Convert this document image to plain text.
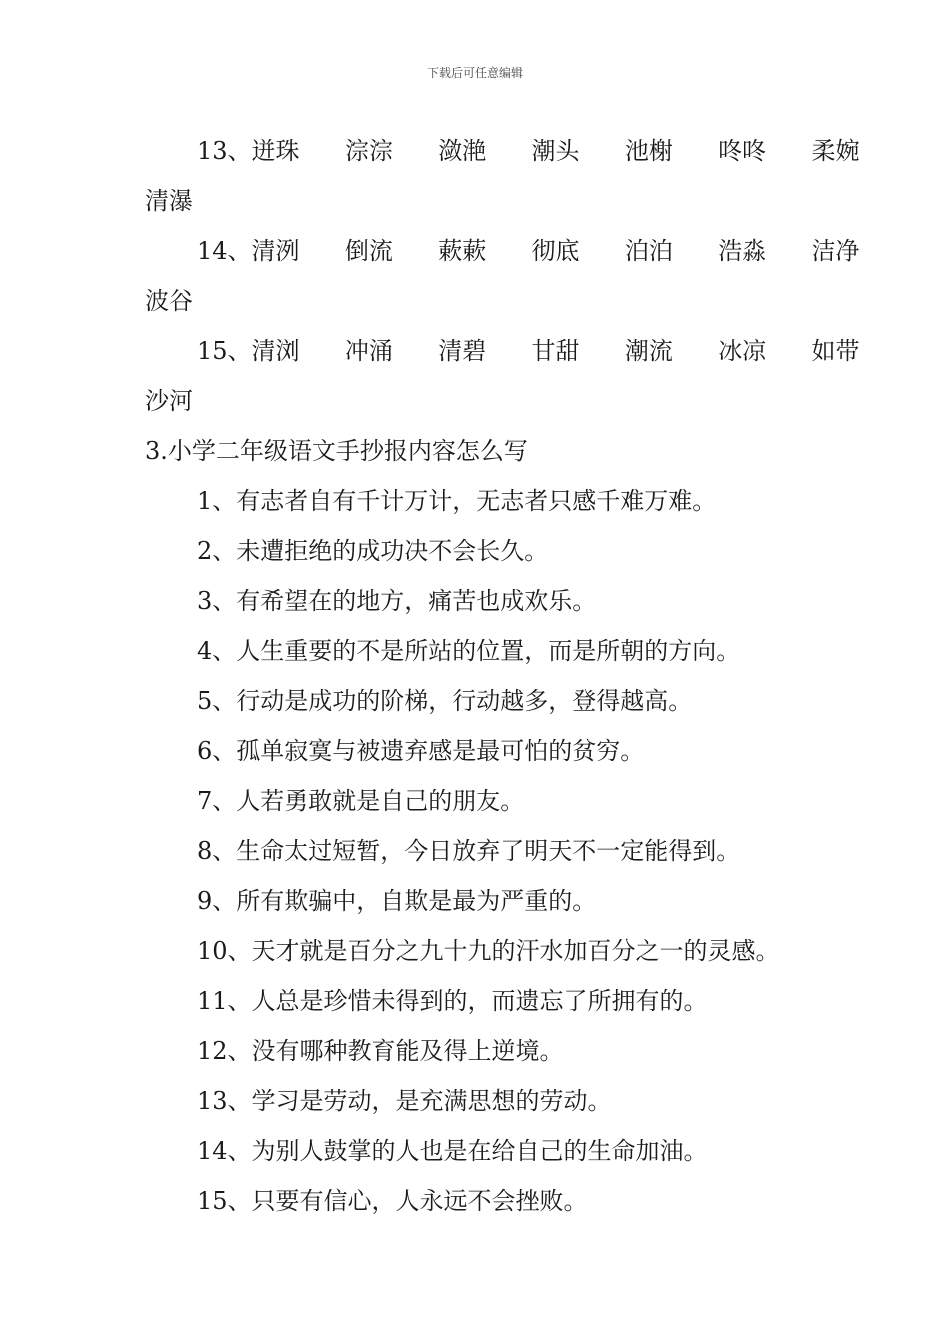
下载后可任意编辑
13、 迸珠 淙淙 潋滟 潮头 池榭 咚咚 柔婉
清瀑
14、 清洌 倒流 蔌蔌 彻底 泊泊 浩淼 洁净
波谷
15、 清浏 冲涌 清碧 甘甜 潮流 冰凉 如带
沙河
3.小学二年级语文手抄报内容怎么写
1、有志者自有千计万计，无志者只感千难万难。
2、未遭拒绝的成功决不会长久。
3、有希望在的地方，痛苦也成欢乐。
4、人生重要的不是所站的位置，而是所朝的方向。
5、行动是成功的阶梯，行动越多，登得越高。
6、孤单寂寞与被遗弃感是最可怕的贫穷。
7、人若勇敢就是自己的朋友。
8、生命太过短暂，今日放弃了明天不一定能得到。
9、所有欺骗中，自欺是最为严重的。
10、天才就是百分之九十九的汗水加百分之一的灵感。
11、人总是珍惜未得到的，而遗忘了所拥有的。
12、没有哪种教育能及得上逆境。
13、学习是劳动，是充满思想的劳动。
14、为别人鼓掌的人也是在给自己的生命加油。
15、只要有信心，人永远不会挫败。
